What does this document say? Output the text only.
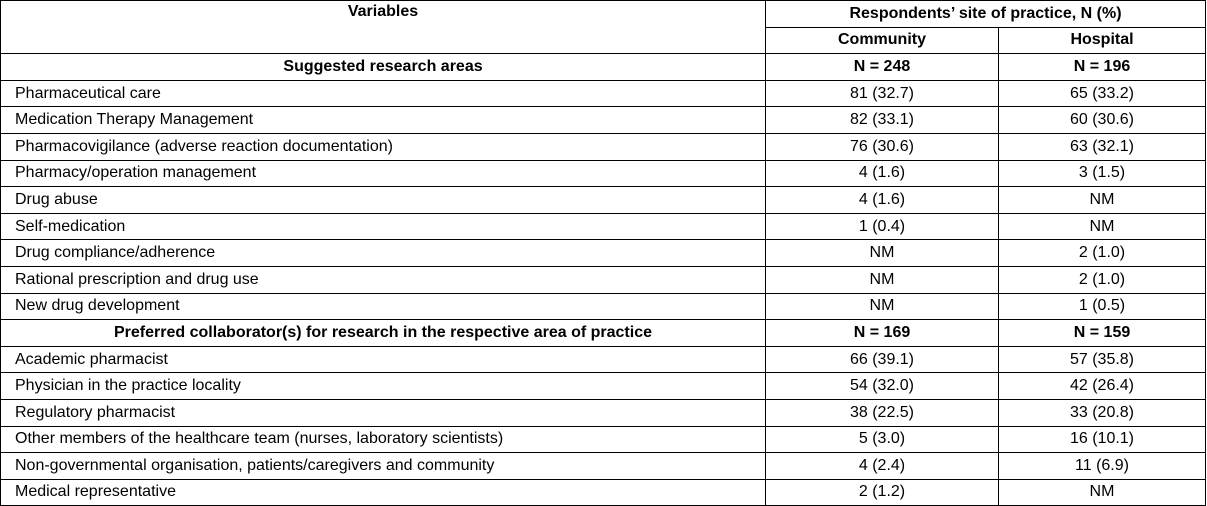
Variables	Respondents’ site of practice, N (%)	
	Community	Hospital
Suggested research areas	N = 248	N = 196
Pharmaceutical care	81 (32.7)	65 (33.2)
Medication Therapy Management	82 (33.1)	60 (30.6)
Pharmacovigilance (adverse reaction documentation)	76 (30.6)	63 (32.1)
Pharmacy/operation management	4 (1.6)	3 (1.5)
Drug abuse	4 (1.6)	NM
Self-medication	1 (0.4)	NM
Drug compliance/adherence	NM	2 (1.0)
Rational prescription and drug use	NM	2 (1.0)
New drug development	NM	1 (0.5)
Preferred collaborator(s) for research in the respective area of practice	N = 169	N = 159
Academic pharmacist	66 (39.1)	57 (35.8)
Physician in the practice locality	54 (32.0)	42 (26.4)
Regulatory pharmacist	38 (22.5)	33 (20.8)
Other members of the healthcare team (nurses, laboratory scientists)	5 (3.0)	16 (10.1)
Non-governmental organisation, patients/caregivers and community	4 (2.4)	11 (6.9)
Medical representative	2 (1.2)	NM
